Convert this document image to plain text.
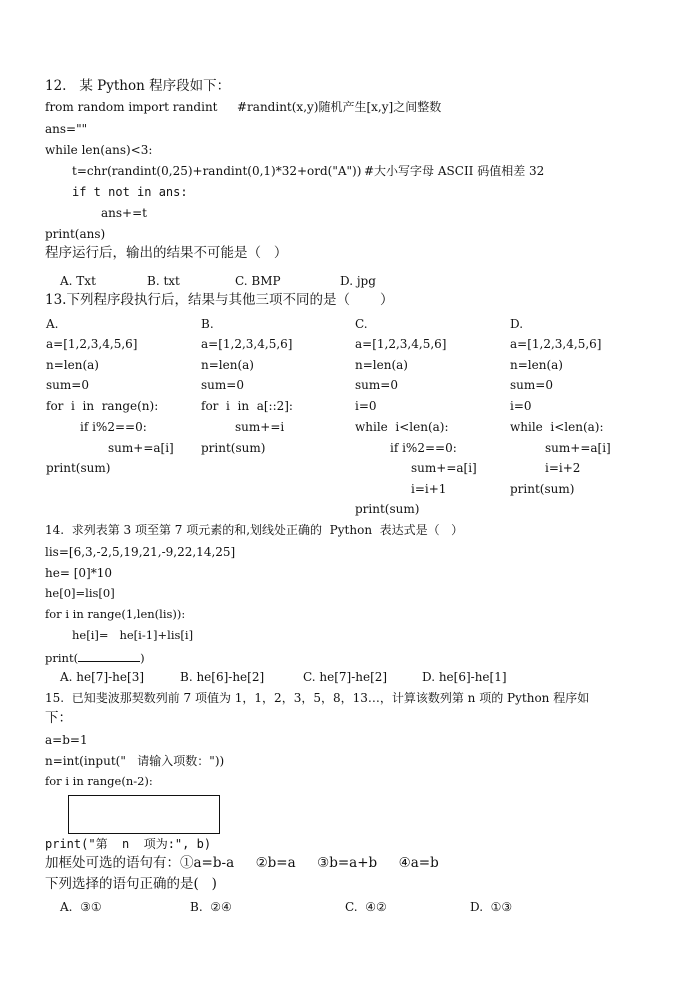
12.   某 Python 程序段如下：
from random import randint #randint(x,y)随机产生[x,y]之间整数
ans=""
while len(ans)<3:
t=chr(randint(0,25)+randint(0,1)*32+ord("A")) #大小写字母 ASCII 码值相差 32
if t not in ans:
ans+=t
print(ans)
程序运行后，输出的结果不可能是（   ）
A. Txt	B. txt	C. BMP	D. jpg
13.下列程序段执行后，结果与其他三项不同的是（       ）
A.
a=[1,2,3,4,5,6]
n=len(a)
sum=0
for  i  in  range(n):
if i%2==0:
sum+=a[i]
print(sum)
B.
a=[1,2,3,4,5,6]
n=len(a)
sum=0
for  i  in  a[::2]:
sum+=i
print(sum)
C.
a=[1,2,3,4,5,6]
n=len(a)
sum=0
i=0
while  i<len(a):
if i%2==0:
sum+=a[i]
i=i+1
print(sum)
D.
a=[1,2,3,4,5,6]
n=len(a)
sum=0
i=0
while  i<len(a):
sum+=a[i]
i=i+2
print(sum)
14.  求列表第 3 项至第 7 项元素的和,划线处正确的  Python  表达式是（   ）
lis=[6,3,-2,5,19,21,-9,22,14,25]
he= [0]*10
he[0]=lis[0]
for i in range(1,len(lis)):
he[i]=   he[i-1]+lis[i]
print(	)
A. he[7]-he[3]	B. he[6]-he[2]	C. he[7]-he[2]	D. he[6]-he[1]
15.  已知斐波那契数列前 7 项值为 1，1，2，3，5，8，13…，计算该数列第 n 项的 Python 程序如
下：
a=b=1
n=int(input("   请输入项数："))
for i in range(n-2):
print("第  n  项为:", b)
加框处可选的语句有：①a=b-a     ②b=a     ③b=a+b     ④a=b
下列选择的语句正确的是(   )
A.  ③①	B.  ②④	C.  ④②	D.  ①③
